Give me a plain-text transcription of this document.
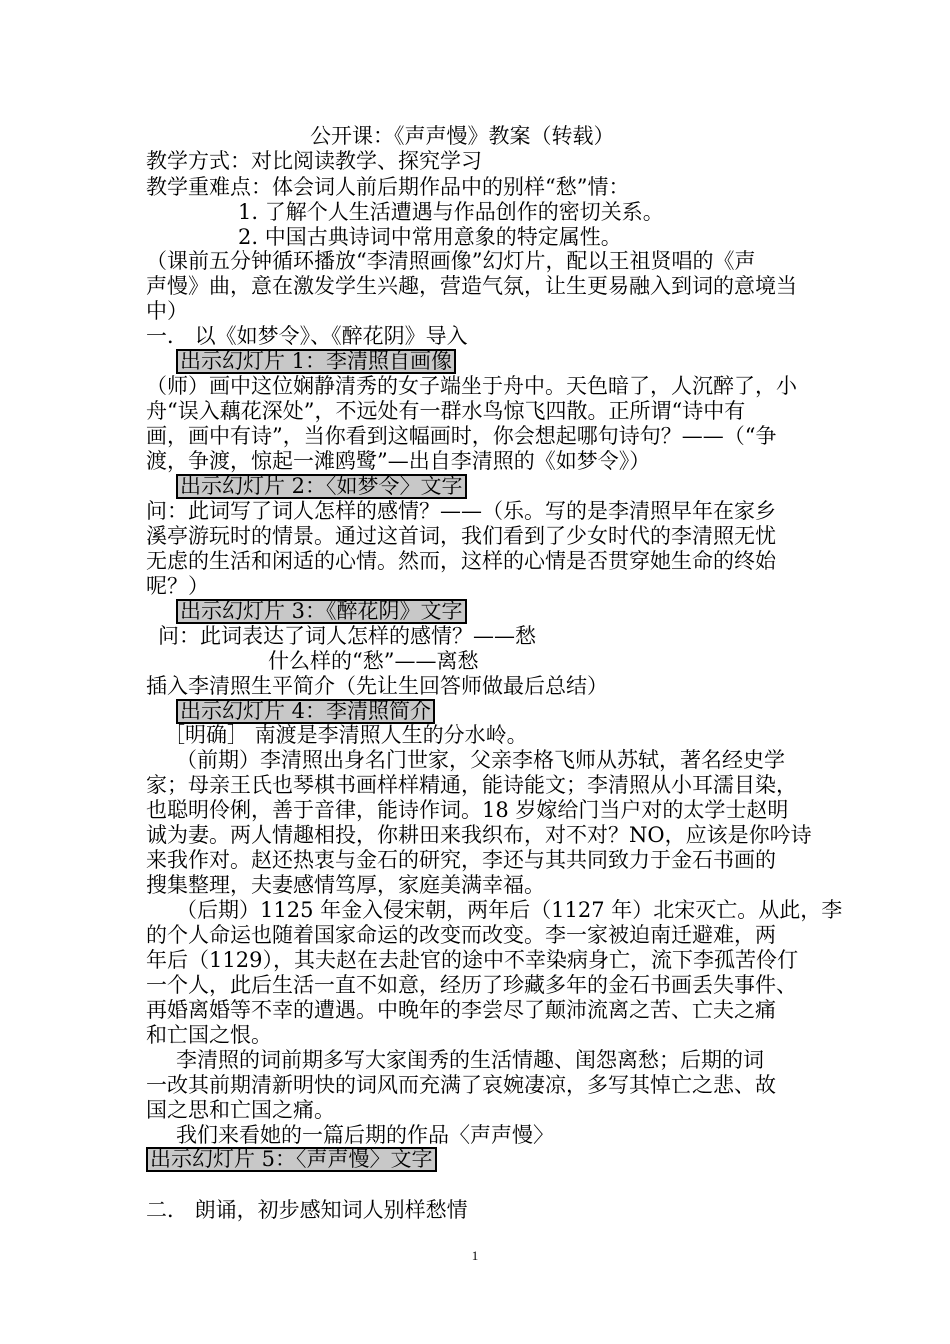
公开课：《声声慢》教案（转载）
教学方式：对比阅读教学、探究学习
教学重难点：体会词人前后期作品中的别样“愁”情：
1. 了解个人生活遭遇与作品创作的密切关系。
2. 中国古典诗词中常用意象的特定属性。
（课前五分钟循环播放“李清照画像”幻灯片，配以王祖贤唱的《声
声慢》曲，意在激发学生兴趣，营造气氛，让生更易融入到词的意境当
中）
一． 以《如梦令》、《醉花阴》导入
出示幻灯片 1：李清照自画像
（师）画中这位娴静清秀的女子端坐于舟中。天色暗了，人沉醉了，小
舟“误入藕花深处”，不远处有一群水鸟惊飞四散。正所谓“诗中有
画，画中有诗”，当你看到这幅画时，你会想起哪句诗句？——（“争
渡，争渡，惊起一滩鸥鹭”—出自李清照的《如梦令》）
出示幻灯片 2：〈如梦令〉文字
问：此词写了词人怎样的感情？——（乐。写的是李清照早年在家乡
溪亭游玩时的情景。通过这首词，我们看到了少女时代的李清照无忧
无虑的生活和闲适的心情。然而，这样的心情是否贯穿她生命的终始
呢？）
出示幻灯片 3：《醉花阴》文字
问：此词表达了词人怎样的感情？——愁
什么样的“愁”——离愁
插入李清照生平简介（先让生回答师做最后总结）
出示幻灯片 4：李清照简介
［明确］ 南渡是李清照人生的分水岭。
（前期）李清照出身名门世家，父亲李格飞师从苏轼，著名经史学
家；母亲王氏也琴棋书画样样精通，能诗能文；李清照从小耳濡目染，
也聪明伶俐，善于音律，能诗作词。18 岁嫁给门当户对的太学士赵明
诚为妻。两人情趣相投，你耕田来我织布，对不对？NO，应该是你吟诗
来我作对。赵还热衷与金石的研究，李还与其共同致力于金石书画的
搜集整理，夫妻感情笃厚，家庭美满幸福。
（后期）1125 年金入侵宋朝，两年后（1127 年）北宋灭亡。从此，李
的个人命运也随着国家命运的改变而改变。李一家被迫南迁避难，两
年后（1129），其夫赵在去赴官的途中不幸染病身亡，流下李孤苦伶仃
一个人，此后生活一直不如意，经历了珍藏多年的金石书画丢失事件、
再婚离婚等不幸的遭遇。中晚年的李尝尽了颠沛流离之苦、亡夫之痛
和亡国之恨。
李清照的词前期多写大家闺秀的生活情趣、闺怨离愁；后期的词
一改其前期清新明快的词风而充满了哀婉凄凉，多写其悼亡之悲、故
国之思和亡国之痛。
我们来看她的一篇后期的作品〈声声慢〉
出示幻灯片 5：〈声声慢〉文字
二． 朗诵，初步感知词人别样愁情
1
